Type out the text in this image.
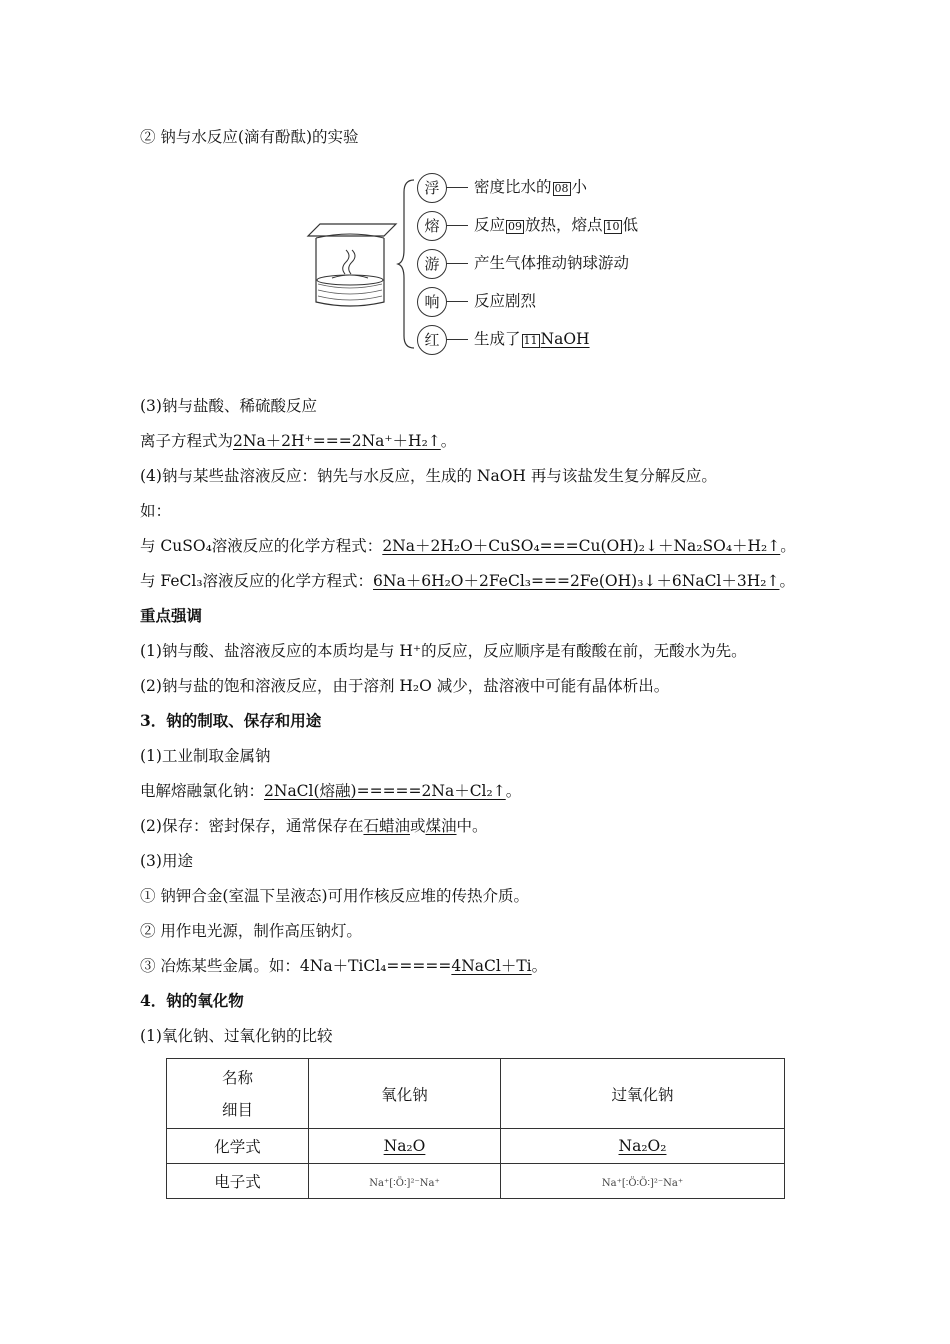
② 钠与水反应(滴有酚酞)的实验
浮	密度比水的 08 小
熔	反应 09 放热，熔点 10 低
游	产生气体推动钠球游动
响	反应剧烈
红	生成了 11 NaOH
(3)钠与盐酸、稀硫酸反应
离子方程式为2Na＋2H⁺===2Na⁺＋H₂↑。
(4)钠与某些盐溶液反应：钠先与水反应，生成的 NaOH 再与该盐发生复分解反应。
如：
与 CuSO₄溶液反应的化学方程式：2Na＋2H₂O＋CuSO₄===Cu(OH)₂↓＋Na₂SO₄＋H₂↑。
与 FeCl₃溶液反应的化学方程式：6Na＋6H₂O＋2FeCl₃===2Fe(OH)₃↓＋6NaCl＋3H₂↑。
重点强调
(1)钠与酸、盐溶液反应的本质均是与 H⁺的反应，反应顺序是有酸酸在前，无酸水为先。
(2)钠与盐的饱和溶液反应，由于溶剂 H₂O 减少，盐溶液中可能有晶体析出。
3．钠的制取、保存和用途
(1)工业制取金属钠
电解熔融氯化钠：2NaCl(熔融)=====2Na＋Cl₂↑。
(2)保存：密封保存，通常保存在石蜡油或煤油中。
(3)用途
① 钠钾合金(室温下呈液态)可用作核反应堆的传热介质。
② 用作电光源，制作高压钠灯。
③ 冶炼某些金属。如：4Na＋TiCl₄=====4NaCl＋Ti。
4．钠的氧化物
(1)氧化钠、过氧化钠的比较
名称
细目	氧化钠	过氧化钠
化学式	Na₂O	Na₂O₂
电子式	Na⁺[∶Ö∶]²⁻Na⁺	Na⁺[∶Ö∶Ö∶]²⁻Na⁺
